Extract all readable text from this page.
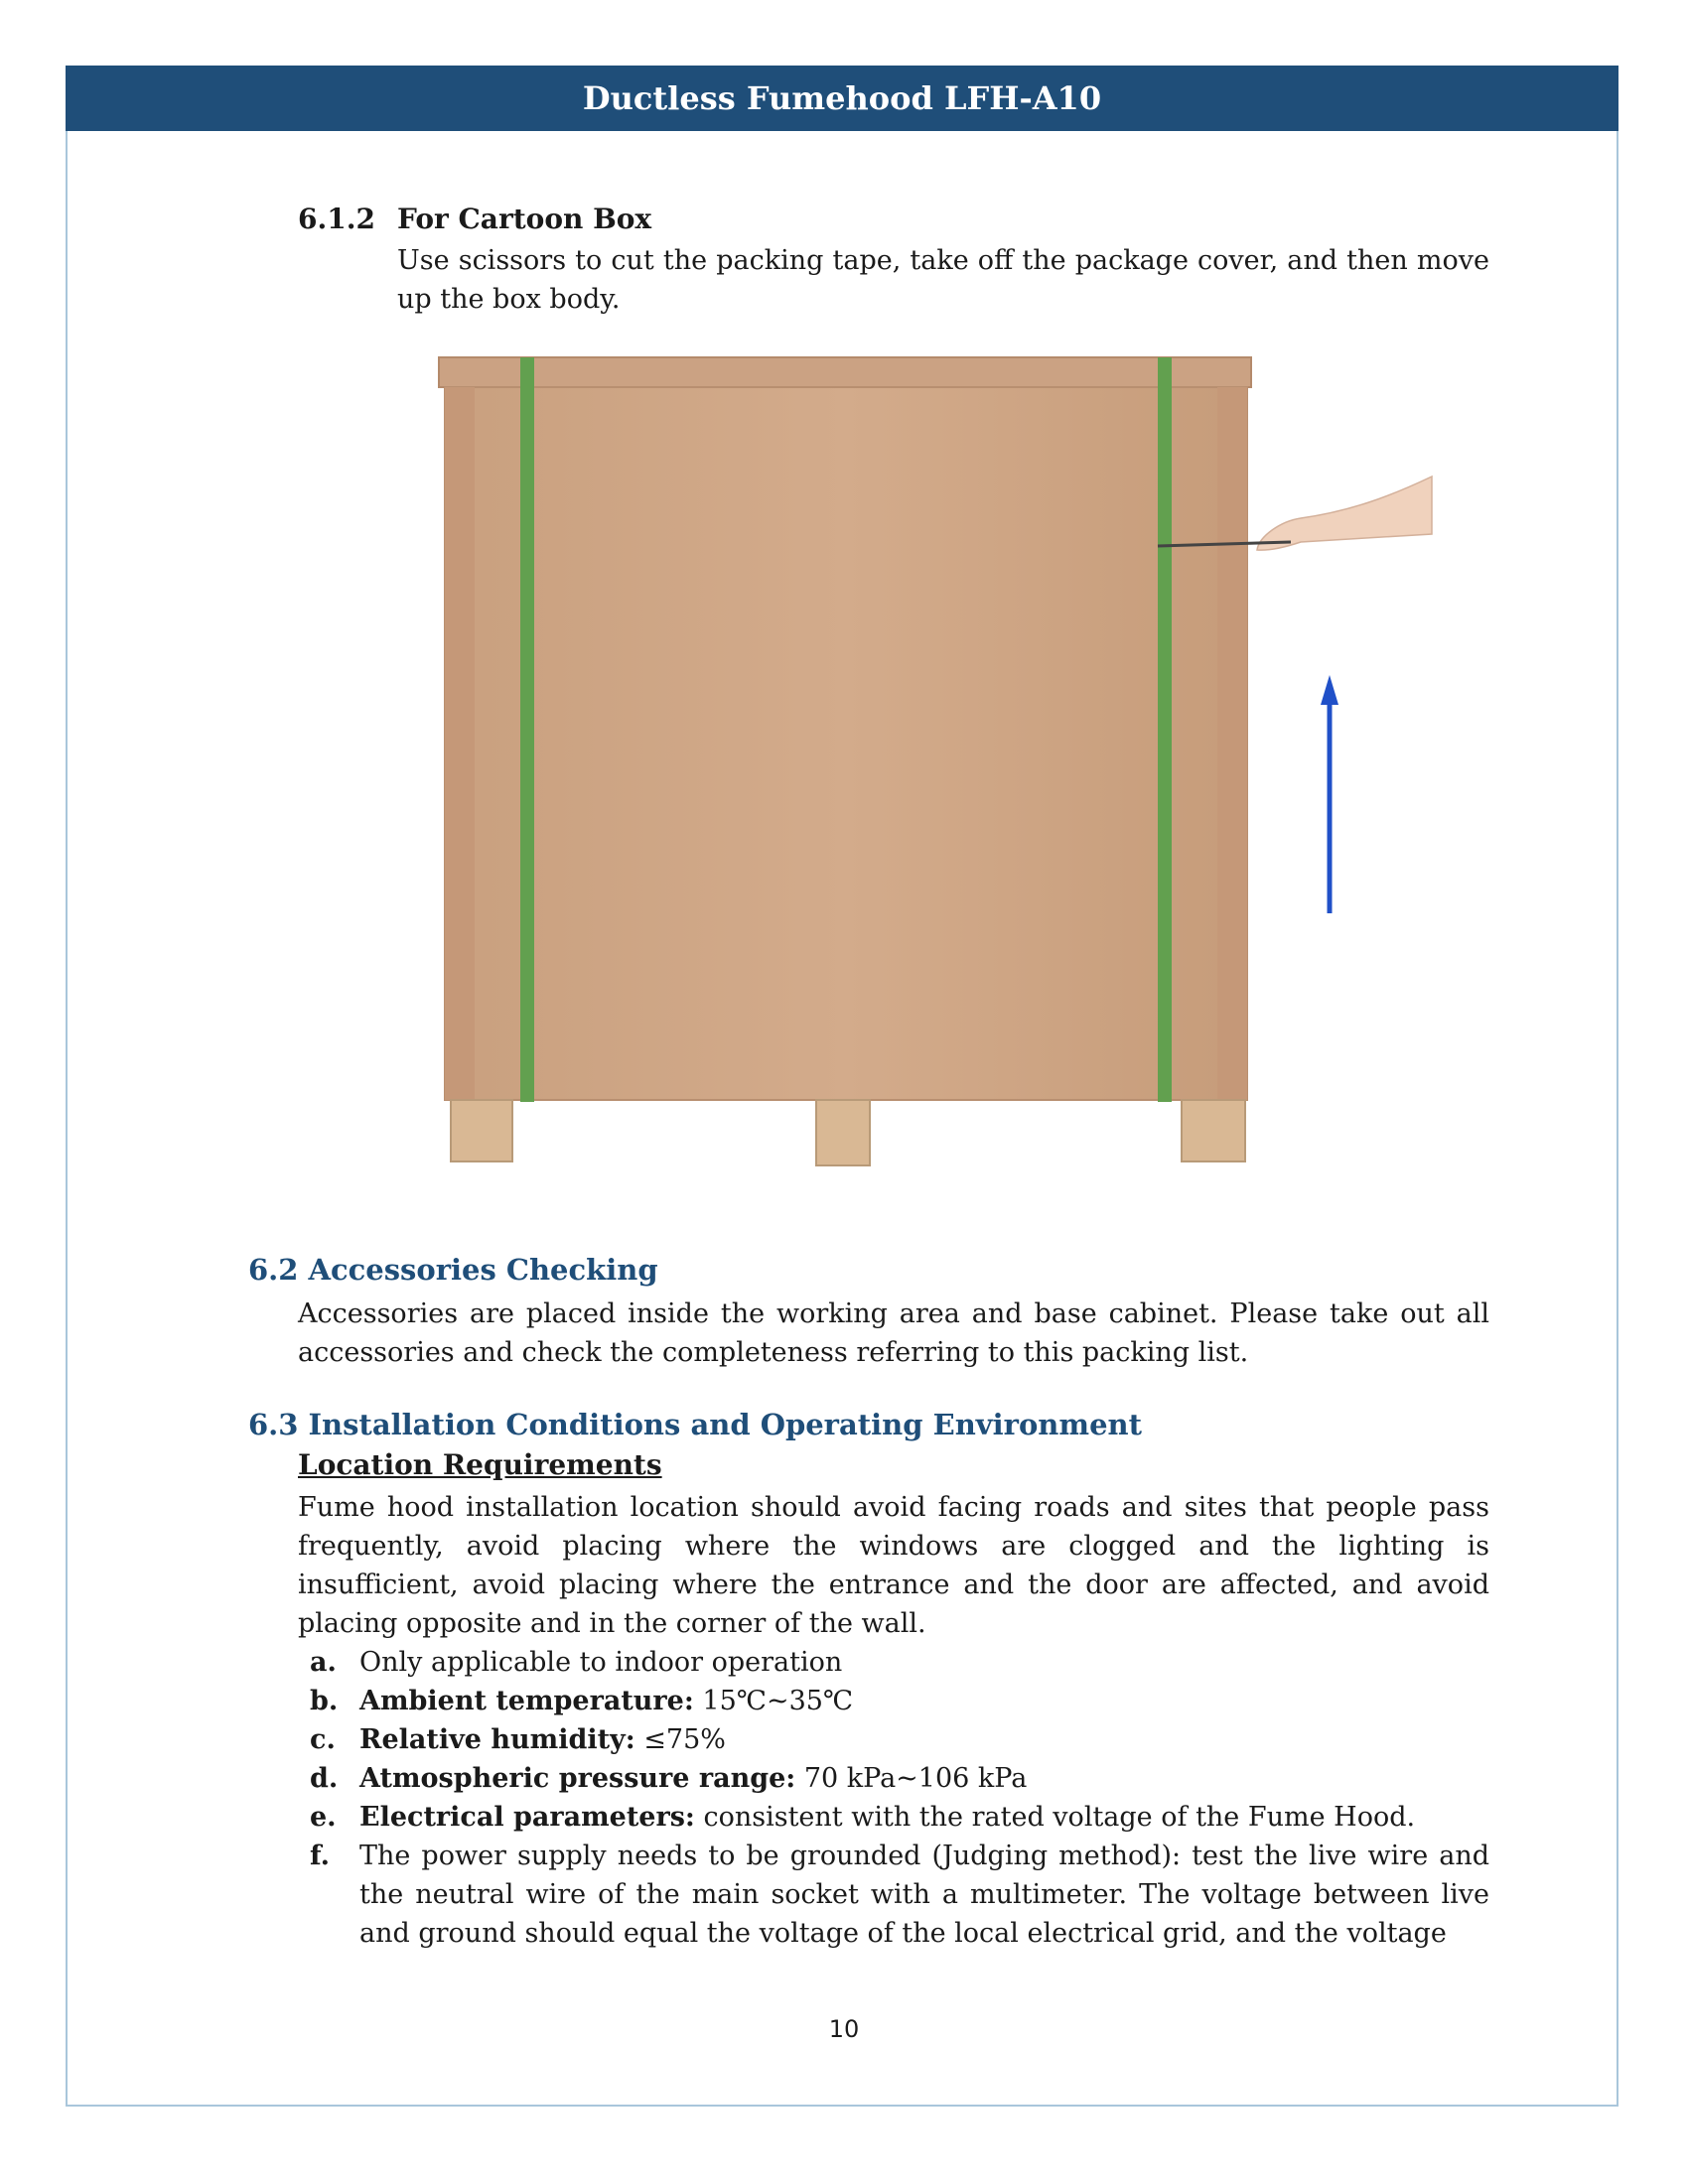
Ductless Fumehood LFH-A10
6.1.2 For Cartoon Box
Use scissors to cut the packing tape, take off the package cover, and then move up the box body.
6.2 Accessories Checking
Accessories are placed inside the working area and base cabinet. Please take out all accessories and check the completeness referring to this packing list.
6.3 Installation Conditions and Operating Environment
Location Requirements
Fume hood installation location should avoid facing roads and sites that people pass frequently, avoid placing where the windows are clogged and the lighting is insufficient, avoid placing where the entrance and the door are affected, and avoid placing opposite and in the corner of the wall.
a. Only applicable to indoor operation
b. Ambient temperature: 15℃~35℃
c. Relative humidity: ≤75%
d. Atmospheric pressure range: 70 kPa~106 kPa
e. Electrical parameters: consistent with the rated voltage of the Fume Hood.
f. The power supply needs to be grounded (Judging method): test the live wire and the neutral wire of the main socket with a multimeter. The voltage between live and ground should equal the voltage of the local electrical grid, and the voltage
10
